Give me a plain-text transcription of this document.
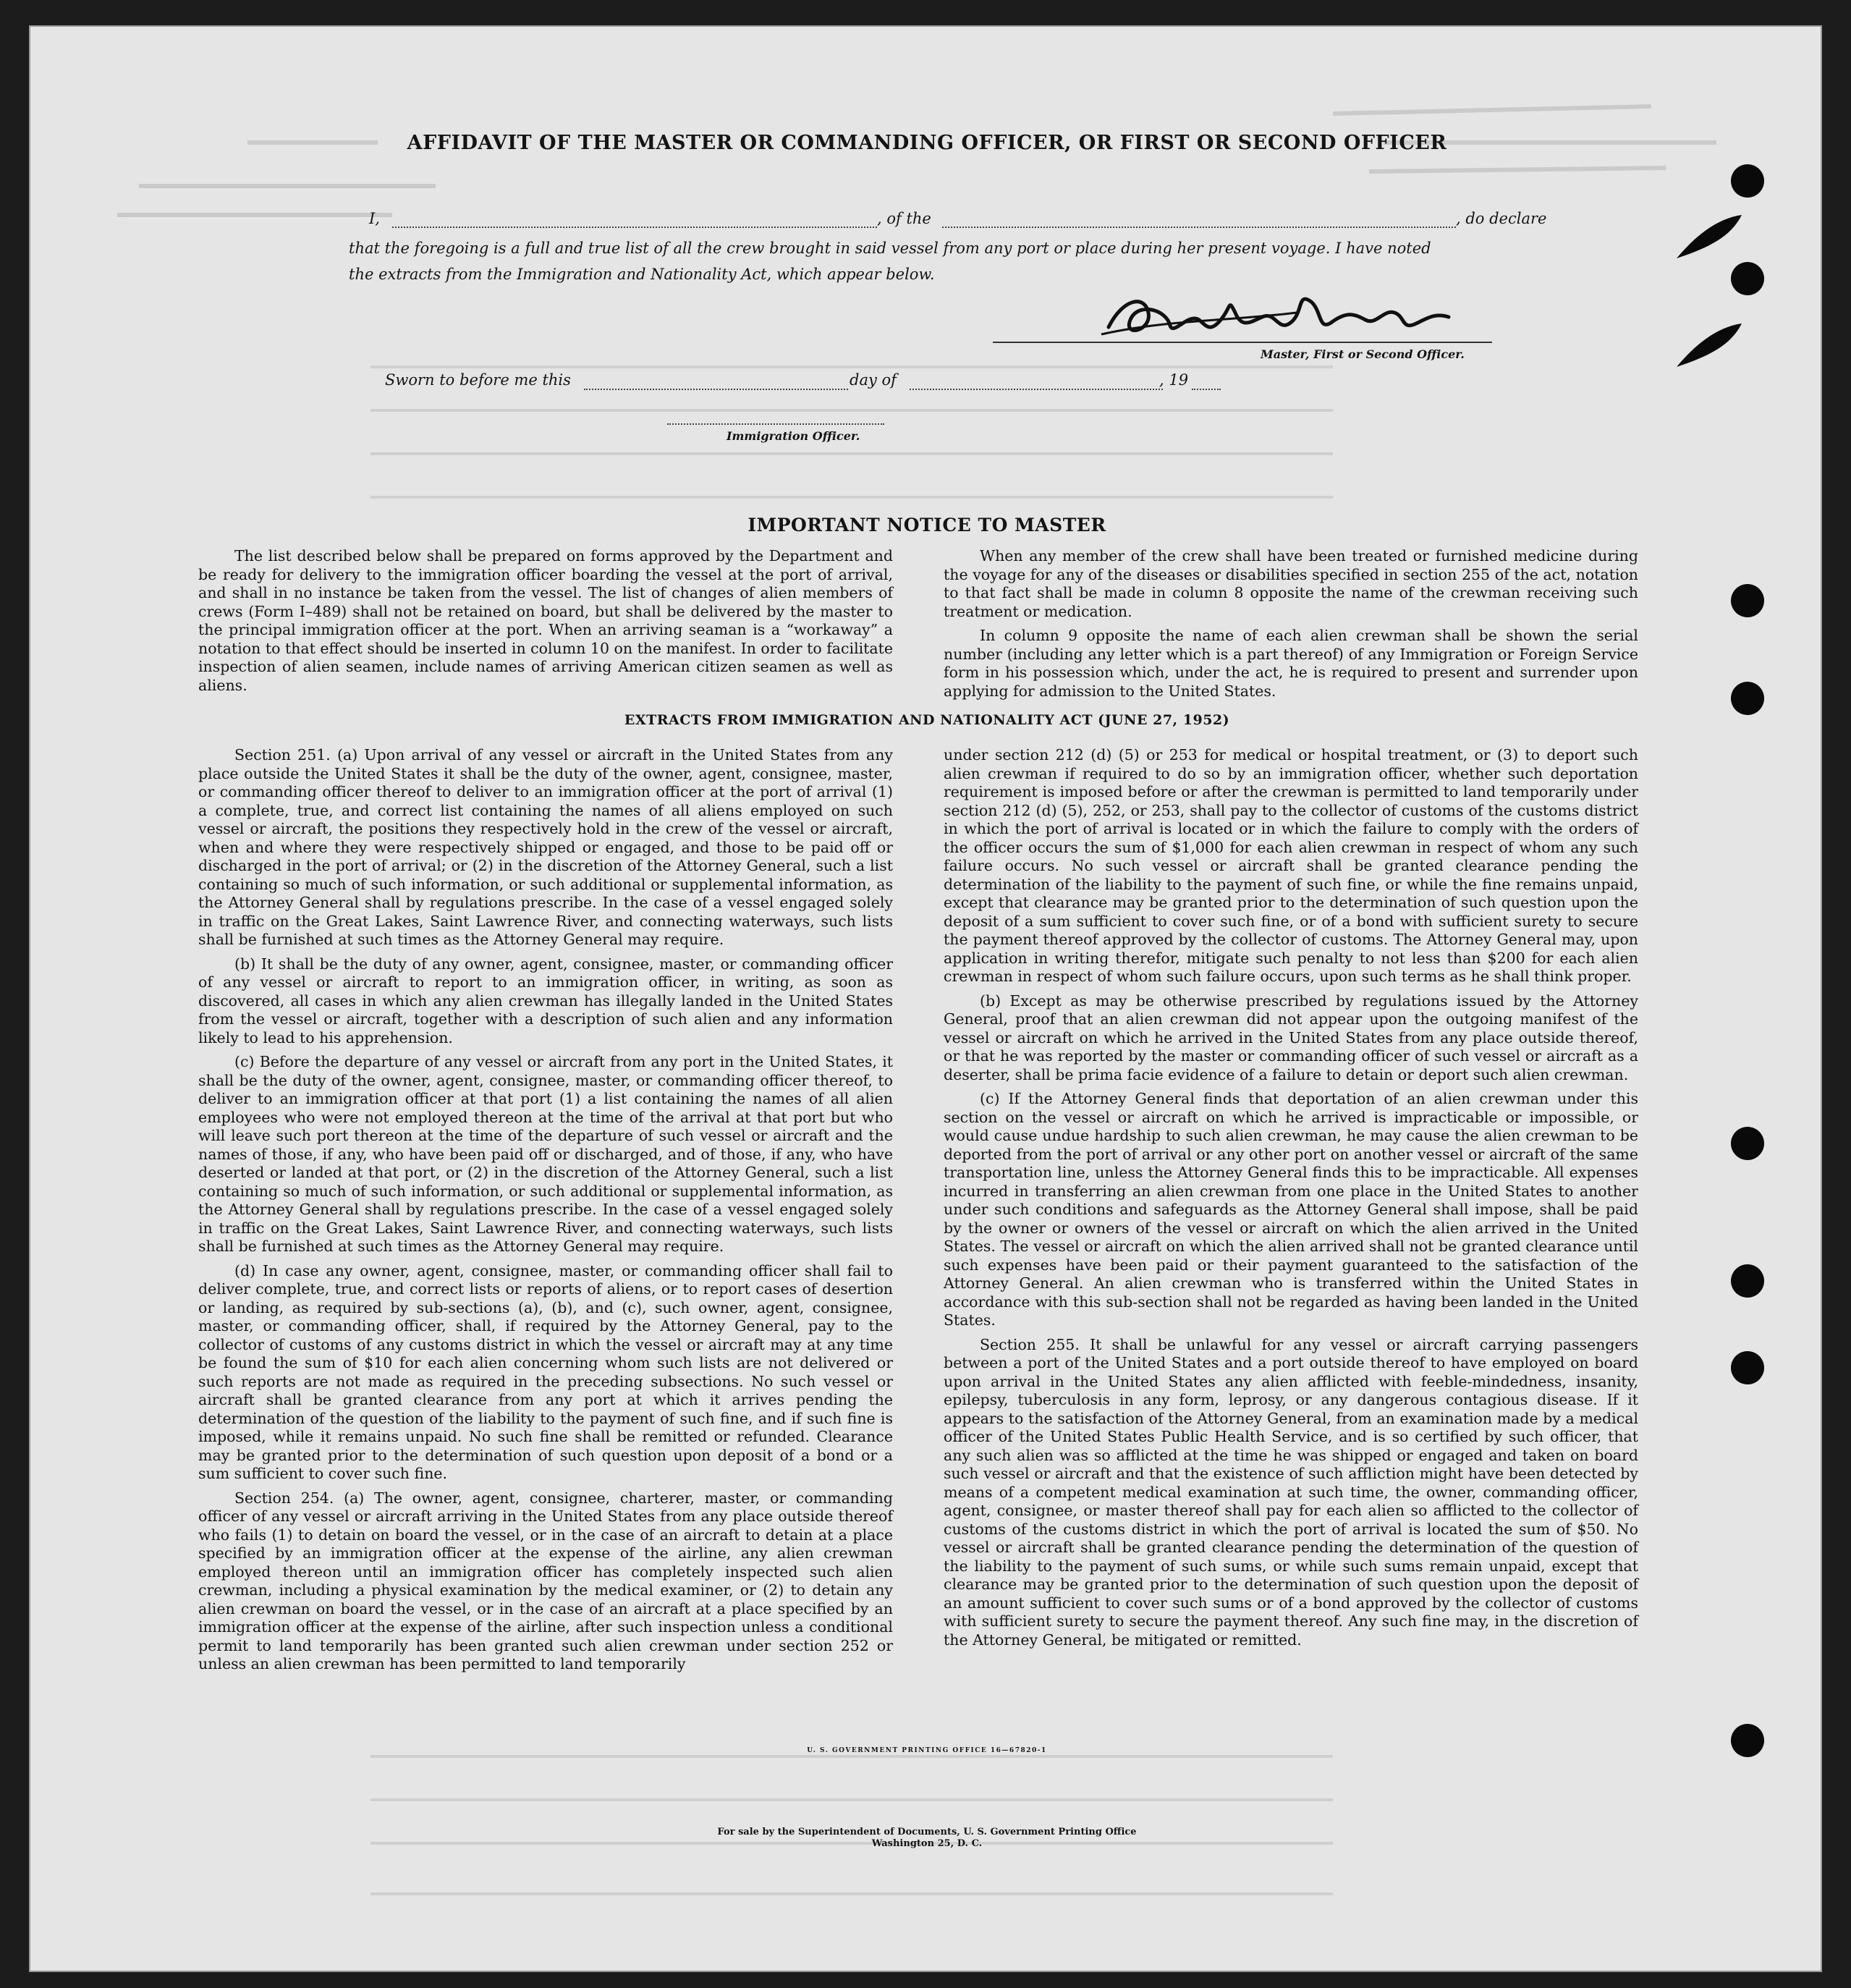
AFFIDAVIT OF THE MASTER OR COMMANDING OFFICER, OR FIRST OR SECOND OFFICER
I,	, of the	, do declare
that the foregoing is a full and true list of all the crew brought in said vessel from any port or place during her present voyage. I have noted
the extracts from the Immigration and Nationality Act, which appear below.
Master, First or Second Officer.
Sworn to before me this	day of	, 19
Immigration Officer.
IMPORTANT NOTICE TO MASTER

The list described below shall be prepared on forms approved by the Department and be ready for delivery to the immigration officer boarding the vessel at the port of arrival, and shall in no instance be taken from the vessel. The list of changes of alien members of crews (Form I–489) shall not be retained on board, but shall be delivered by the master to the principal immigration officer at the port. When an arriving seaman is a “workaway” a notation to that effect should be inserted in column 10 on the manifest. In order to facilitate inspection of alien seamen, include names of arriving American citizen seamen as well as aliens.

When any member of the crew shall have been treated or furnished medicine during the voyage for any of the diseases or disabilities specified in section 255 of the act, notation to that fact shall be made in column 8 opposite the name of the crewman receiving such treatment or medication.

In column 9 opposite the name of each alien crewman shall be shown the serial number (including any letter which is a part thereof) of any Immigration or Foreign Service form in his possession which, under the act, he is required to present and surrender upon applying for admission to the United States.

EXTRACTS FROM IMMIGRATION AND NATIONALITY ACT (JUNE 27, 1952)

Section 251. (a) Upon arrival of any vessel or aircraft in the United States from any place outside the United States it shall be the duty of the owner, agent, consignee, master, or commanding officer thereof to deliver to an immigration officer at the port of arrival (1) a complete, true, and correct list containing the names of all aliens employed on such vessel or aircraft, the positions they respectively hold in the crew of the vessel or aircraft, when and where they were respectively shipped or engaged, and those to be paid off or discharged in the port of arrival; or (2) in the discretion of the Attorney General, such a list containing so much of such information, or such additional or supplemental information, as the Attorney General shall by regulations prescribe. In the case of a vessel engaged solely in traffic on the Great Lakes, Saint Lawrence River, and connecting waterways, such lists shall be furnished at such times as the Attorney General may require.

(b) It shall be the duty of any owner, agent, consignee, master, or commanding officer of any vessel or aircraft to report to an immigration officer, in writing, as soon as discovered, all cases in which any alien crewman has illegally landed in the United States from the vessel or aircraft, together with a description of such alien and any information likely to lead to his apprehension.

(c) Before the departure of any vessel or aircraft from any port in the United States, it shall be the duty of the owner, agent, consignee, master, or commanding officer thereof, to deliver to an immigration officer at that port (1) a list containing the names of all alien employees who were not employed thereon at the time of the arrival at that port but who will leave such port thereon at the time of the departure of such vessel or aircraft and the names of those, if any, who have been paid off or discharged, and of those, if any, who have deserted or landed at that port, or (2) in the discretion of the Attorney General, such a list containing so much of such information, or such additional or supplemental information, as the Attorney General shall by regulations prescribe. In the case of a vessel engaged solely in traffic on the Great Lakes, Saint Lawrence River, and connecting waterways, such lists shall be furnished at such times as the Attorney General may require.

(d) In case any owner, agent, consignee, master, or commanding officer shall fail to deliver complete, true, and correct lists or reports of aliens, or to report cases of desertion or landing, as required by sub-sections (a), (b), and (c), such owner, agent, consignee, master, or commanding officer, shall, if required by the Attorney General, pay to the collector of customs of any customs district in which the vessel or aircraft may at any time be found the sum of $10 for each alien concerning whom such lists are not delivered or such reports are not made as required in the preceding subsections. No such vessel or aircraft shall be granted clearance from any port at which it arrives pending the determination of the question of the liability to the payment of such fine, and if such fine is imposed, while it remains unpaid. No such fine shall be remitted or refunded. Clearance may be granted prior to the determination of such question upon deposit of a bond or a sum sufficient to cover such fine.

Section 254. (a) The owner, agent, consignee, charterer, master, or commanding officer of any vessel or aircraft arriving in the United States from any place outside thereof who fails (1) to detain on board the vessel, or in the case of an aircraft to detain at a place specified by an immigration officer at the expense of the airline, any alien crewman employed thereon until an immigration officer has completely inspected such alien crewman, including a physical examination by the medical examiner, or (2) to detain any alien crewman on board the vessel, or in the case of an aircraft at a place specified by an immigration officer at the expense of the airline, after such inspection unless a conditional permit to land temporarily has been granted such alien crewman under section 252 or unless an alien crewman has been permitted to land temporarily

under section 212 (d) (5) or 253 for medical or hospital treatment, or (3) to deport such alien crewman if required to do so by an immigration officer, whether such deportation requirement is imposed before or after the crewman is permitted to land temporarily under section 212 (d) (5), 252, or 253, shall pay to the collector of customs of the customs district in which the port of arrival is located or in which the failure to comply with the orders of the officer occurs the sum of $1,000 for each alien crewman in respect of whom any such failure occurs. No such vessel or aircraft shall be granted clearance pending the determination of the liability to the payment of such fine, or while the fine remains unpaid, except that clearance may be granted prior to the determination of such question upon the deposit of a sum sufficient to cover such fine, or of a bond with sufficient surety to secure the payment thereof approved by the collector of customs. The Attorney General may, upon application in writing therefor, mitigate such penalty to not less than $200 for each alien crewman in respect of whom such failure occurs, upon such terms as he shall think proper.

(b) Except as may be otherwise prescribed by regulations issued by the Attorney General, proof that an alien crewman did not appear upon the outgoing manifest of the vessel or aircraft on which he arrived in the United States from any place outside thereof, or that he was reported by the master or commanding officer of such vessel or aircraft as a deserter, shall be prima facie evidence of a failure to detain or deport such alien crewman.

(c) If the Attorney General finds that deportation of an alien crewman under this section on the vessel or aircraft on which he arrived is impracticable or impossible, or would cause undue hardship to such alien crewman, he may cause the alien crewman to be deported from the port of arrival or any other port on another vessel or aircraft of the same transportation line, unless the Attorney General finds this to be impracticable. All expenses incurred in transferring an alien crewman from one place in the United States to another under such conditions and safeguards as the Attorney General shall impose, shall be paid by the owner or owners of the vessel or aircraft on which the alien arrived in the United States. The vessel or aircraft on which the alien arrived shall not be granted clearance until such expenses have been paid or their payment guaranteed to the satisfaction of the Attorney General. An alien crewman who is transferred within the United States in accordance with this sub-section shall not be regarded as having been landed in the United States.

Section 255. It shall be unlawful for any vessel or aircraft carrying passengers between a port of the United States and a port outside thereof to have employed on board upon arrival in the United States any alien afflicted with feeble-mindedness, insanity, epilepsy, tuberculosis in any form, leprosy, or any dangerous contagious disease. If it appears to the satisfaction of the Attorney General, from an examination made by a medical officer of the United States Public Health Service, and is so certified by such officer, that any such alien was so afflicted at the time he was shipped or engaged and taken on board such vessel or aircraft and that the existence of such affliction might have been detected by means of a competent medical examination at such time, the owner, commanding officer, agent, consignee, or master thereof shall pay for each alien so afflicted to the collector of customs of the customs district in which the port of arrival is located the sum of $50. No vessel or aircraft shall be granted clearance pending the determination of the question of the liability to the payment of such sums, or while such sums remain unpaid, except that clearance may be granted prior to the determination of such question upon the deposit of an amount sufficient to cover such sums or of a bond approved by the collector of customs with sufficient surety to secure the payment thereof. Any such fine may, in the discretion of the Attorney General, be mitigated or remitted.

U. S. GOVERNMENT PRINTING OFFICE 16—67820-1
For sale by the Superintendent of Documents, U. S. Government Printing Office
Washington 25, D. C.
